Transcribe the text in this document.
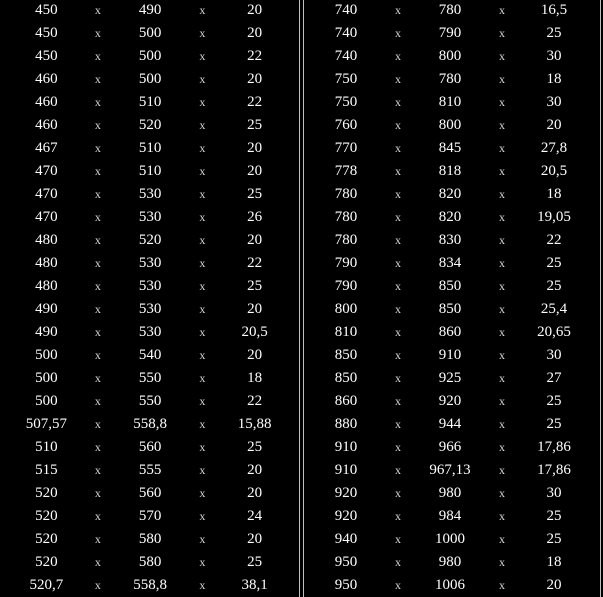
450	x	490	x	20
450	x	500	x	20
450	x	500	x	22
460	x	500	x	20
460	x	510	x	22
460	x	520	x	25
467	x	510	x	20
470	x	510	x	20
470	x	530	x	25
470	x	530	x	26
480	x	520	x	20
480	x	530	x	22
480	x	530	x	25
490	x	530	x	20
490	x	530	x	20,5
500	x	540	x	20
500	x	550	x	18
500	x	550	x	22
507,57	x	558,8	x	15,88
510	x	560	x	25
515	x	555	x	20
520	x	560	x	20
520	x	570	x	24
520	x	580	x	20
520	x	580	x	25
520,7	x	558,8	x	38,1
740	x	780	x	16,5
740	x	790	x	25
740	x	800	x	30
750	x	780	x	18
750	x	810	x	30
760	x	800	x	20
770	x	845	x	27,8
778	x	818	x	20,5
780	x	820	x	18
780	x	820	x	19,05
780	x	830	x	22
790	x	834	x	25
790	x	850	x	25
800	x	850	x	25,4
810	x	860	x	20,65
850	x	910	x	30
850	x	925	x	27
860	x	920	x	25
880	x	944	x	25
910	x	966	x	17,86
910	x	967,13	x	17,86
920	x	980	x	30
920	x	984	x	25
940	x	1000	x	25
950	x	980	x	18
950	x	1006	x	20
